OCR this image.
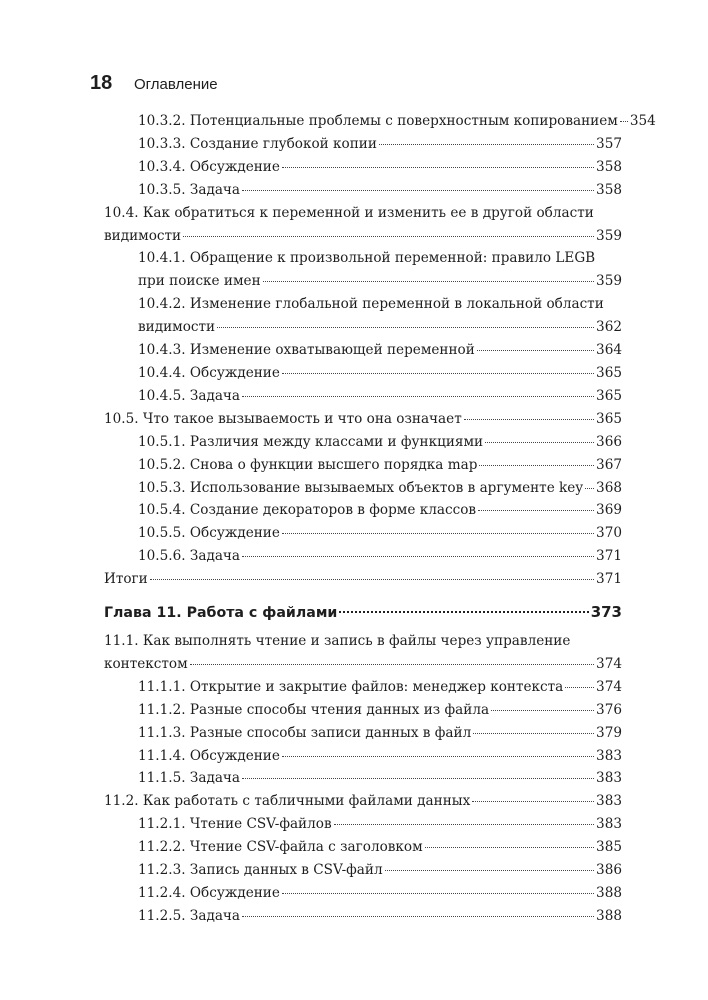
18	Оглавление
10.3.2. Потенциальные проблемы с поверхностным копированием 354
10.3.3. Создание глубокой копии	357
10.3.4. Обсуждение	358
10.3.5. Задача	358
10.4. Как обратиться к переменной и изменить ее в другой области
видимости	359
10.4.1. Обращение к произвольной переменной: правило LEGB
при поиске имен	359
10.4.2. Изменение глобальной переменной в локальной области
видимости	362
10.4.3. Изменение охватывающей переменной	364
10.4.4. Обсуждение	365
10.4.5. Задача	365
10.5. Что такое вызываемость и что она означает	365
10.5.1. Различия между классами и функциями	366
10.5.2. Снова о функции высшего порядка map	367
10.5.3. Использование вызываемых объектов в аргументе key 368
10.5.4. Создание декораторов в форме классов	369
10.5.5. Обсуждение	370
10.5.6. Задача	371
Итоги	371
Глава 11. Работа с файлами	373
11.1. Как выполнять чтение и запись в файлы через управление
контекстом	374
11.1.1. Открытие и закрытие файлов: менеджер контекста 374
11.1.2. Разные способы чтения данных из файла	376
11.1.3. Разные способы записи данных в файл	379
11.1.4. Обсуждение	383
11.1.5. Задача	383
11.2. Как работать с табличными файлами данных	383
11.2.1. Чтение CSV-файлов	383
11.2.2. Чтение CSV-файла с заголовком	385
11.2.3. Запись данных в CSV-файл	386
11.2.4. Обсуждение	388
11.2.5. Задача	388
